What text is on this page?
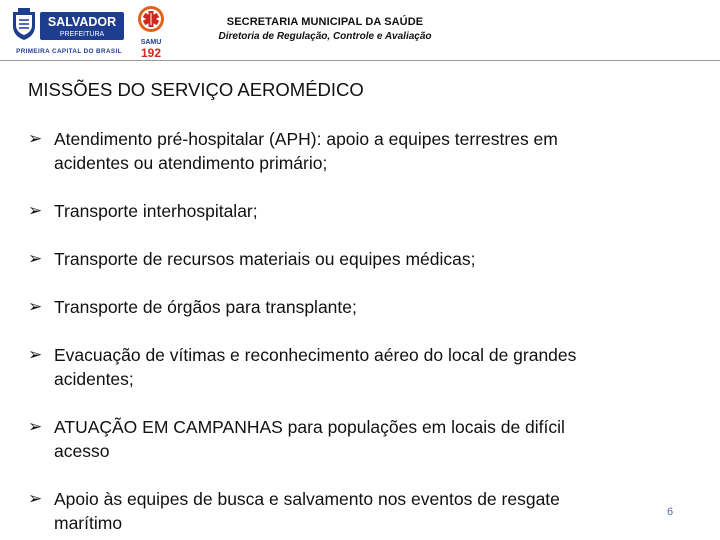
SALVADOR
PREFEITURA
PRIMEIRA CAPITAL DO BRASIL
SAMU
192
SECRETARIA MUNICIPAL DA SAÚDE
Diretoria de Regulação, Controle e Avaliação
MISSÕES DO SERVIÇO AEROMÉDICO
➢ Atendimento pré-hospitalar (APH): apoio a equipes terrestres em
acidentes ou atendimento primário;
➢ Transporte interhospitalar;
➢ Transporte de recursos materiais ou equipes médicas;
➢ Transporte de órgãos para transplante;
➢ Evacuação de vítimas e reconhecimento aéreo do local de grandes
acidentes;
➢ ATUAÇÃO EM CAMPANHAS para populações em locais de difícil
acesso
➢ Apoio às equipes de busca e salvamento nos eventos de resgate
marítimo
6
